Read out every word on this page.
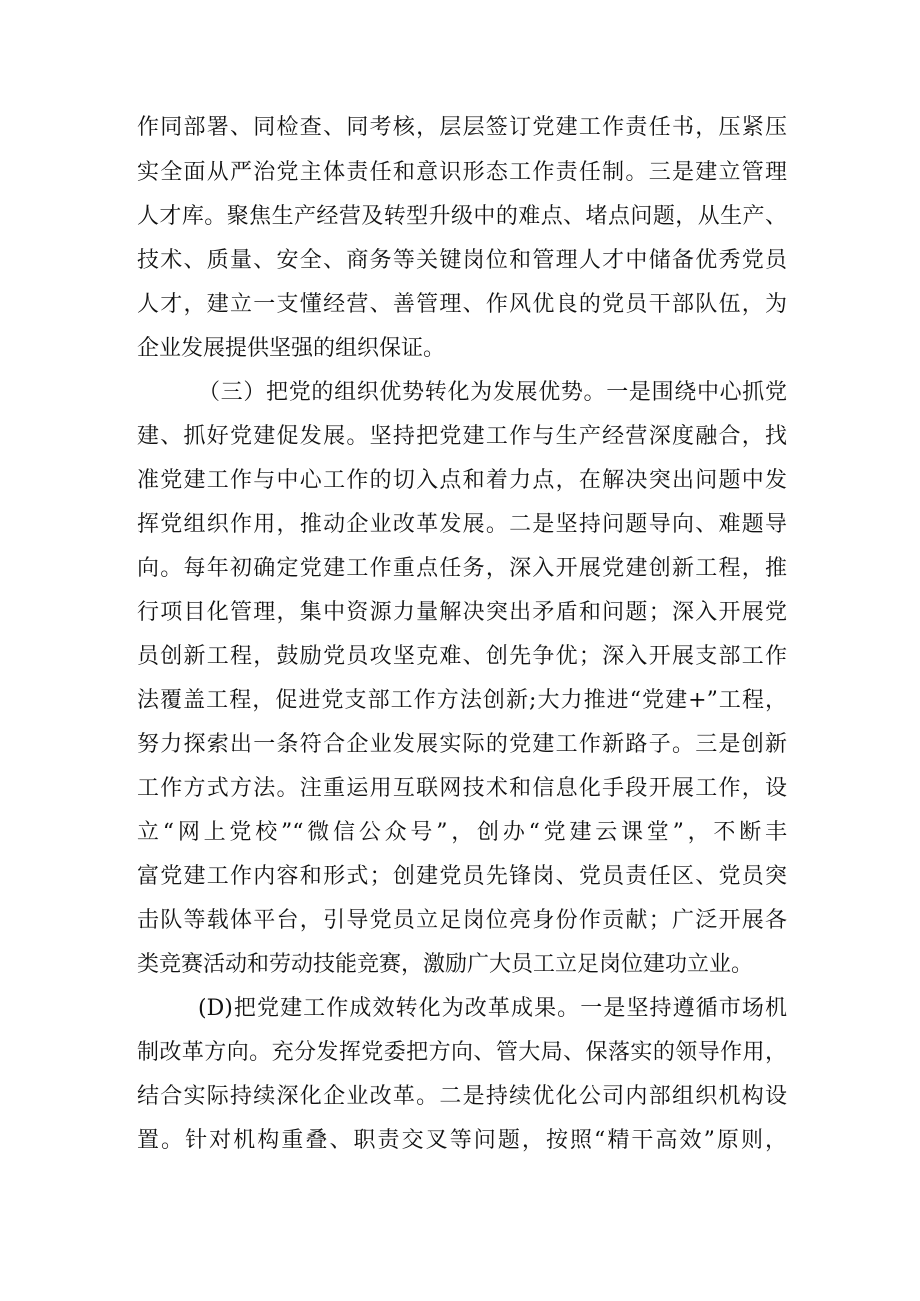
作同部署、同检查、同考核，层层签订党建工作责任书，压紧压
实全面从严治党主体责任和意识形态工作责任制。三是建立管理
人才库。聚焦生产经营及转型升级中的难点、堵点问题，从生产、
技术、质量、安全、商务等关键岗位和管理人才中储备优秀党员
人才，建立一支懂经营、善管理、作风优良的党员干部队伍，为
企业发展提供坚强的组织保证。
（三）把党的组织优势转化为发展优势。一是围绕中心抓党
建、抓好党建促发展。坚持把党建工作与生产经营深度融合，找
准党建工作与中心工作的切入点和着力点，在解决突出问题中发
挥党组织作用，推动企业改革发展。二是坚持问题导向、难题导
向。每年初确定党建工作重点任务，深入开展党建创新工程，推
行项目化管理，集中资源力量解决突出矛盾和问题；深入开展党
员创新工程，鼓励党员攻坚克难、创先争优；深入开展支部工作
法覆盖工程，促进党支部工作方法创新;大力推进“党建+”工程，
努力探索出一条符合企业发展实际的党建工作新路子。三是创新
工作方式方法。注重运用互联网技术和信息化手段开展工作，设
立“网上党校”“微信公众号”，创办“党建云课堂”，不断丰
富党建工作内容和形式；创建党员先锋岗、党员责任区、党员突
击队等载体平台，引导党员立足岗位亮身份作贡献；广泛开展各
类竞赛活动和劳动技能竞赛，激励广大员工立足岗位建功立业。
(D)把党建工作成效转化为改革成果。一是坚持遵循市场机
制改革方向。充分发挥党委把方向、管大局、保落实的领导作用，
结合实际持续深化企业改革。二是持续优化公司内部组织机构设
置。针对机构重叠、职责交叉等问题，按照“精干高效”原则，
